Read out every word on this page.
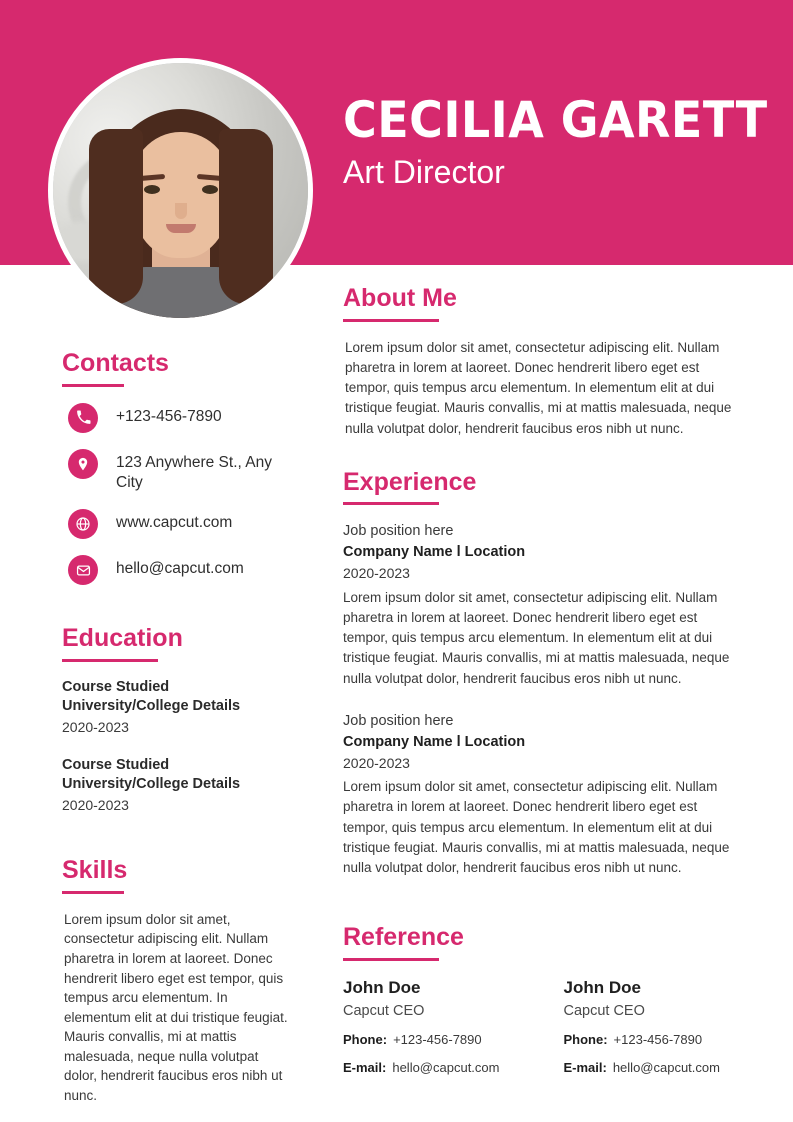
CECILIA GARETT
Art Director
Contacts
+123-456-7890
123 Anywhere St., Any City
www.capcut.com
hello@capcut.com
Education
Course Studied
University/College Details
2020-2023
Course Studied
University/College Details
2020-2023
Skills
Lorem ipsum dolor sit amet, consectetur adipiscing elit. Nullam pharetra in lorem at laoreet. Donec hendrerit libero eget est tempor, quis tempus arcu elementum. In elementum elit at dui tristique feugiat. Mauris convallis, mi at mattis malesuada, neque nulla volutpat dolor, hendrerit faucibus eros nibh ut nunc.
About Me
Lorem ipsum dolor sit amet, consectetur adipiscing elit. Nullam pharetra in lorem at laoreet. Donec hendrerit libero eget est tempor, quis tempus arcu elementum. In elementum elit at dui tristique feugiat. Mauris convallis, mi at mattis malesuada, neque nulla volutpat dolor, hendrerit faucibus eros nibh ut nunc.
Experience
Job position here
Company Name l Location
2020-2023
Lorem ipsum dolor sit amet, consectetur adipiscing elit. Nullam pharetra in lorem at laoreet. Donec hendrerit libero eget est tempor, quis tempus arcu elementum. In elementum elit at dui tristique feugiat. Mauris convallis, mi at mattis malesuada, neque nulla volutpat dolor, hendrerit faucibus eros nibh ut nunc.
Job position here
Company Name l Location
2020-2023
Lorem ipsum dolor sit amet, consectetur adipiscing elit. Nullam pharetra in lorem at laoreet. Donec hendrerit libero eget est tempor, quis tempus arcu elementum. In elementum elit at dui tristique feugiat. Mauris convallis, mi at mattis malesuada, neque nulla volutpat dolor, hendrerit faucibus eros nibh ut nunc.
Reference
John Doe
Capcut CEO
Phone: +123-456-7890
E-mail: hello@capcut.com
John Doe
Capcut CEO
Phone: +123-456-7890
E-mail: hello@capcut.com
